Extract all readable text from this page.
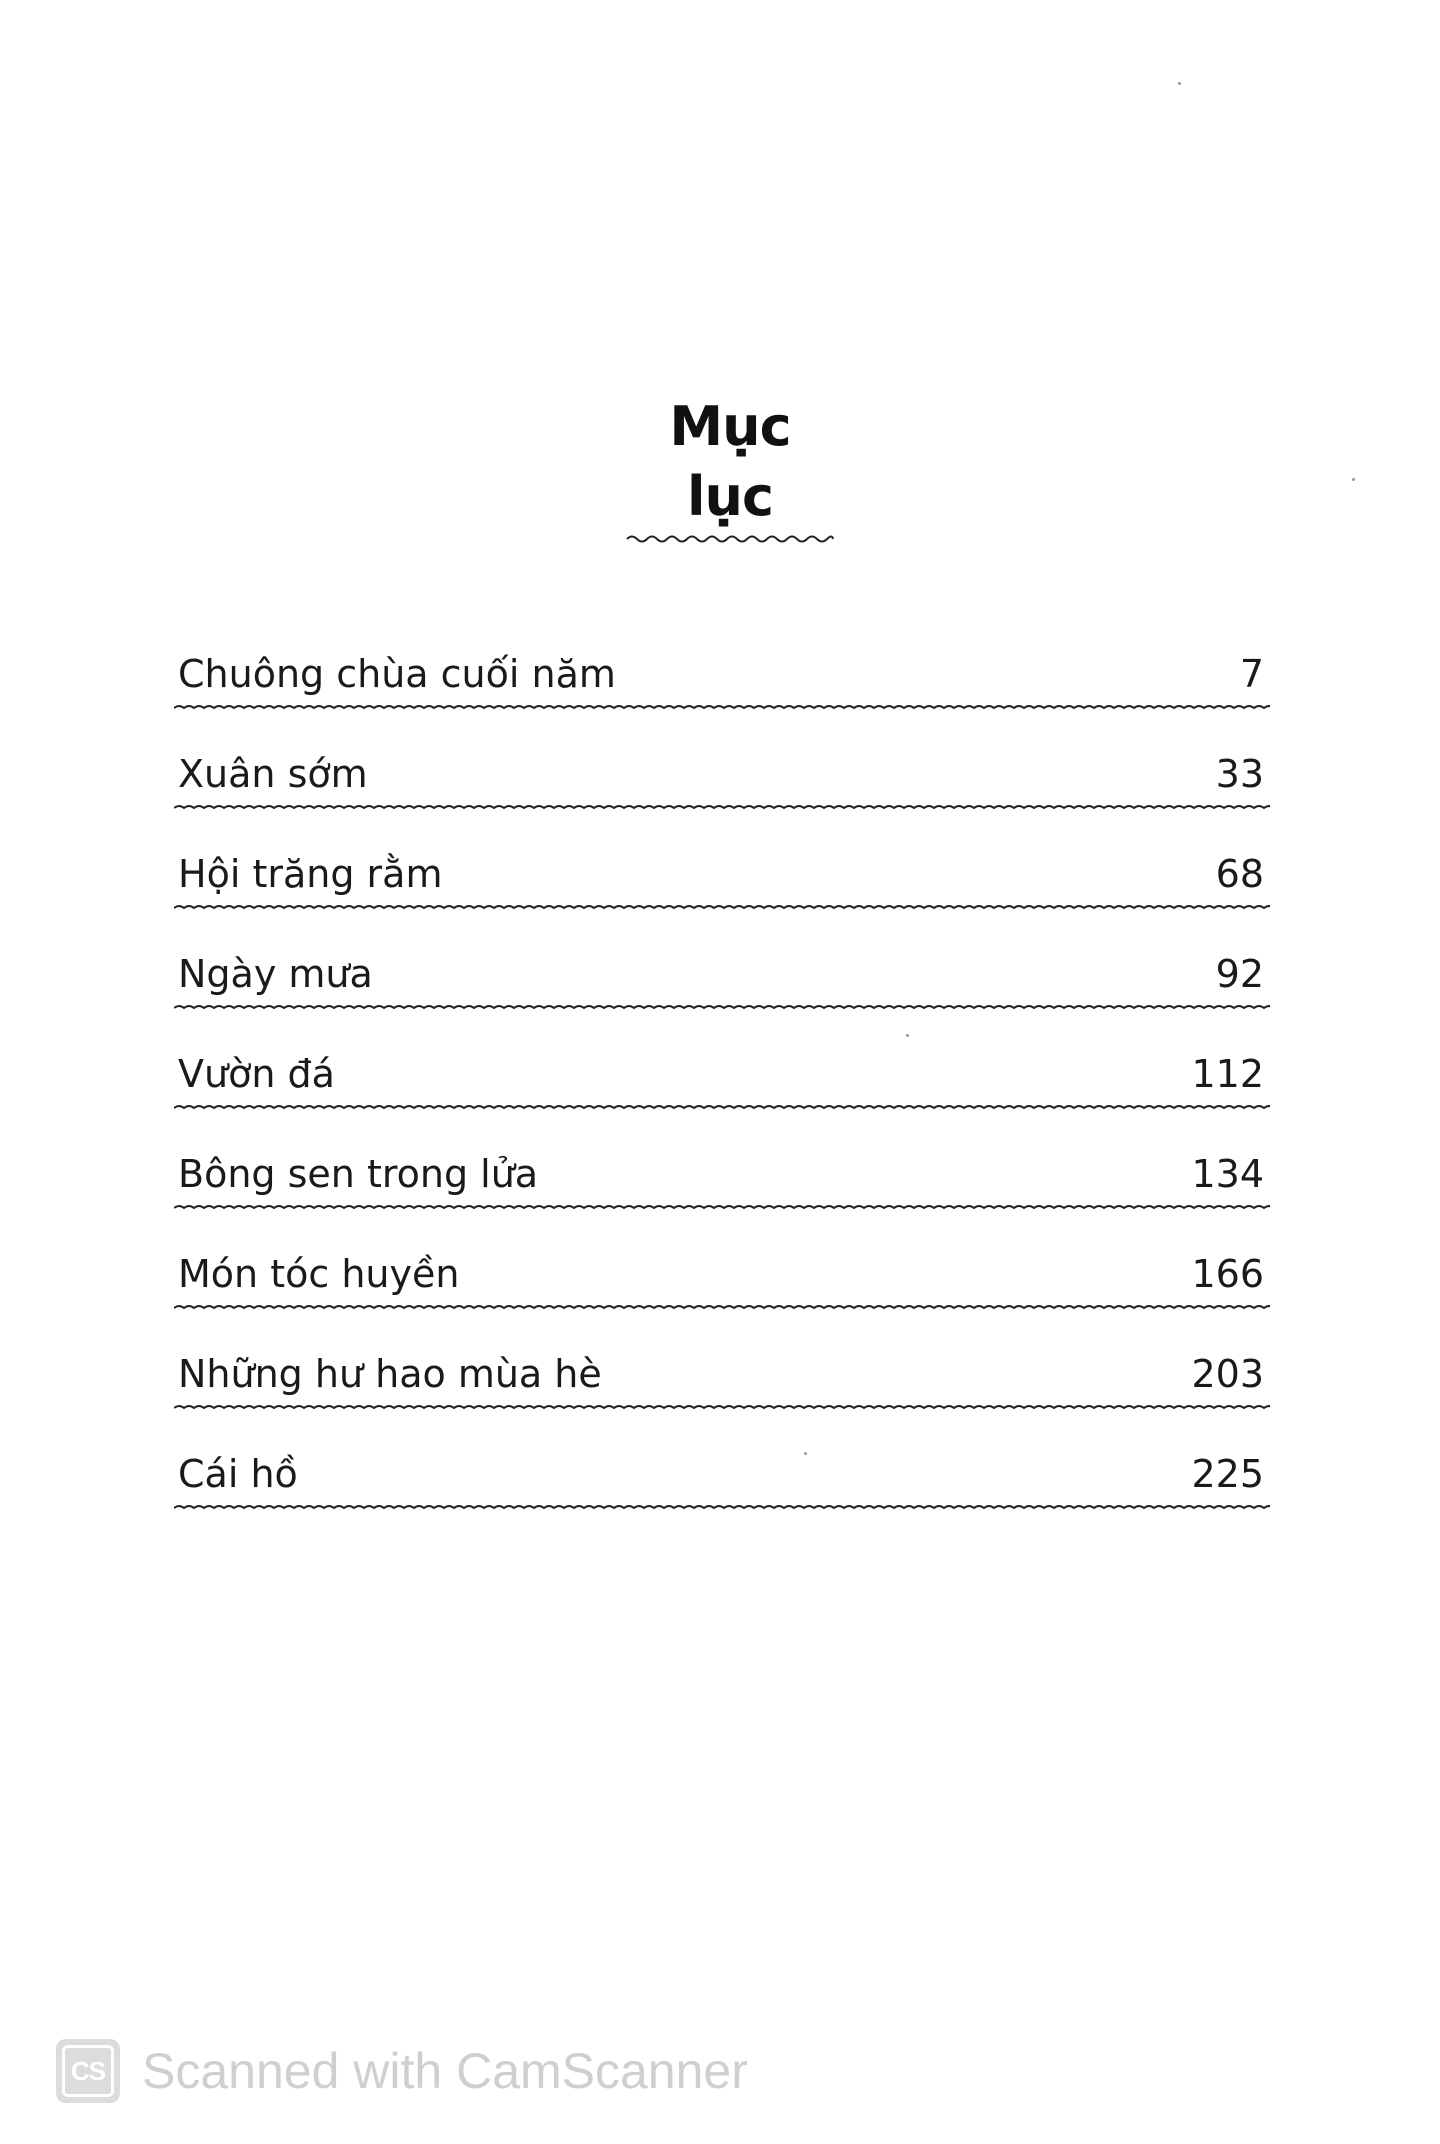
Mục lục
Chuông chùa cuối năm	7
Xuân sớm	33
Hội trăng rằm	68
Ngày mưa	92
Vườn đá	112
Bông sen trong lửa	134
Món tóc huyền	166
Những hư hao mùa hè	203
Cái hồ	225
CS Scanned with CamScanner
